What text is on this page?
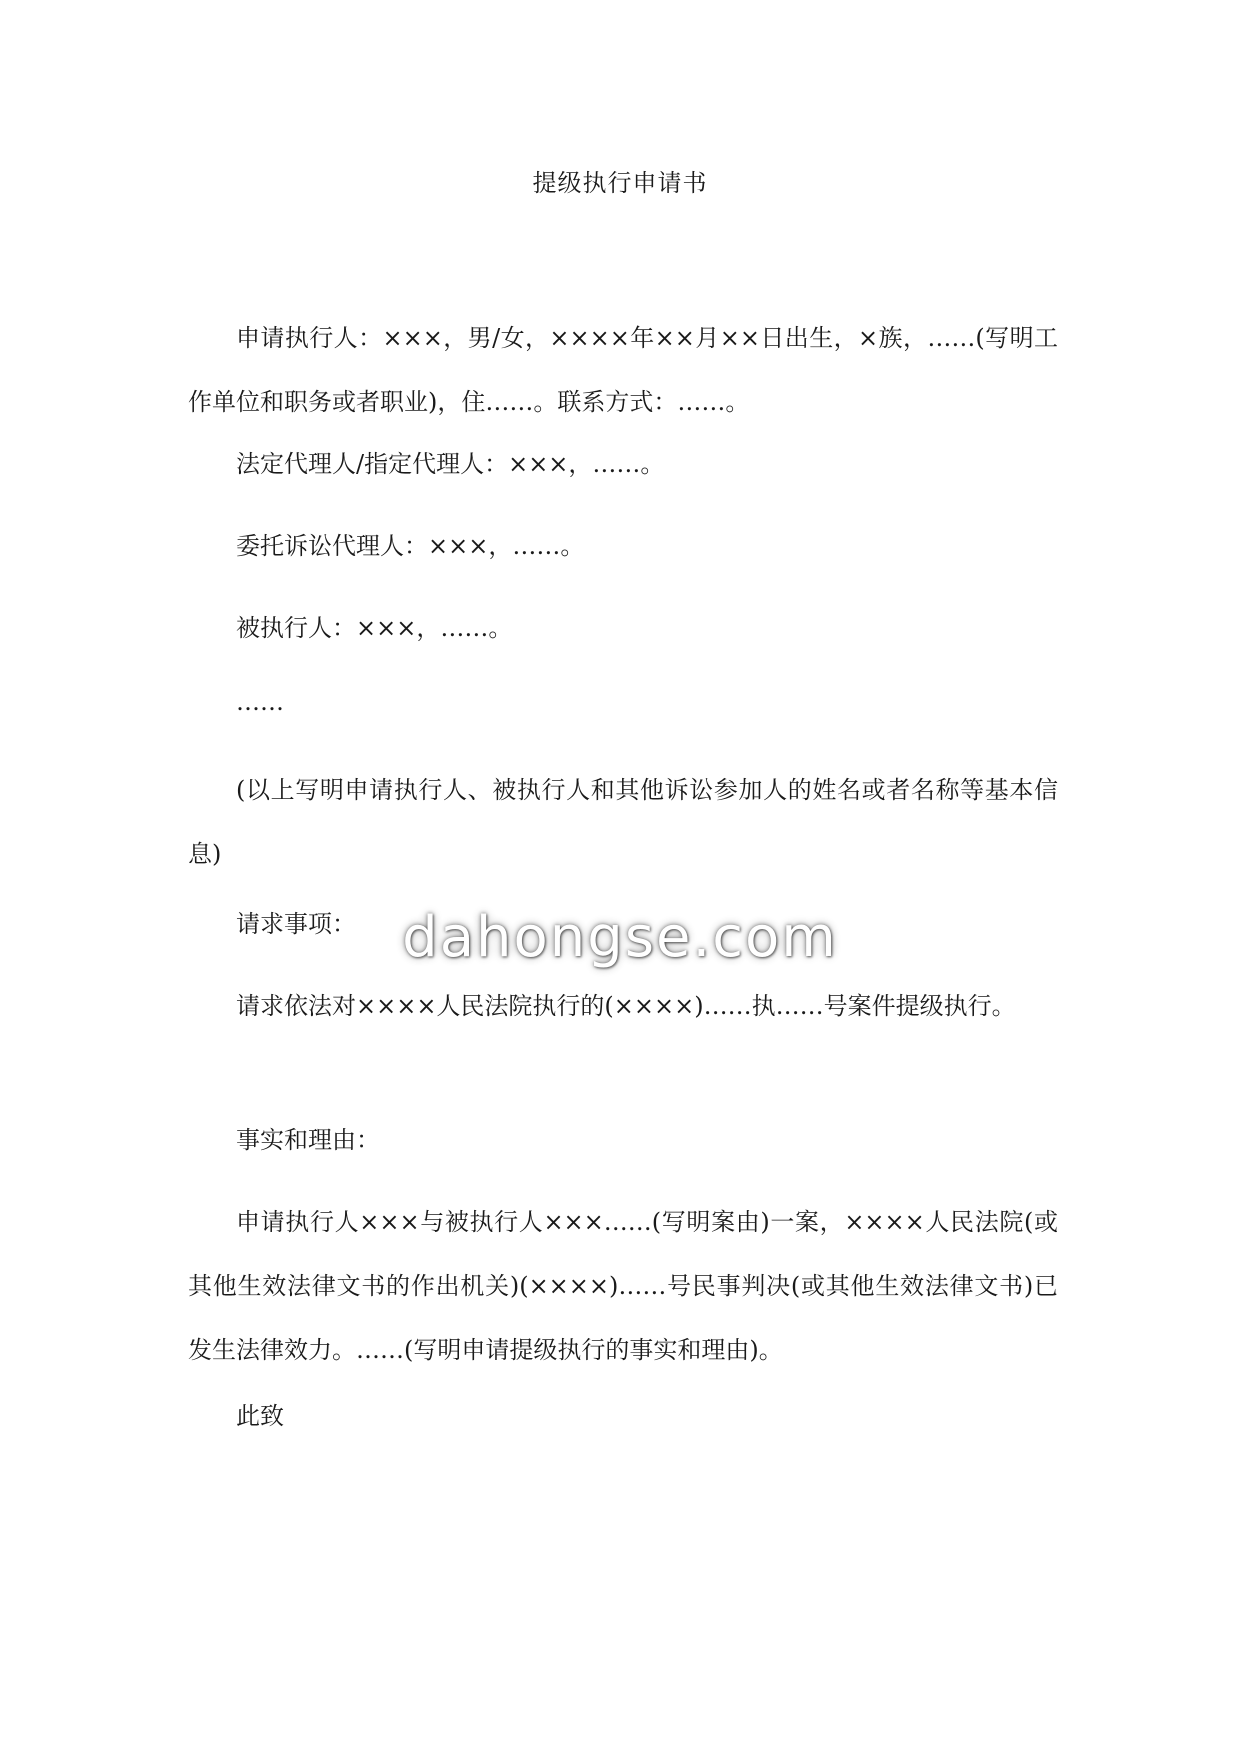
提级执行申请书

申请执行人：×××，男/女，××××年××月××日出生，×族，……(写明工作单位和职务或者职业)，住……。联系方式：……。

法定代理人/指定代理人：×××，……。

委托诉讼代理人：×××，……。

被执行人：×××，……。

……

(以上写明申请执行人、被执行人和其他诉讼参加人的姓名或者名称等基本信息)

请求事项：

请求依法对××××人民法院执行的(××××)……执……号案件提级执行。

事实和理由：

申请执行人×××与被执行人×××……(写明案由)一案，××××人民法院(或其他生效法律文书的作出机关)(××××)……号民事判决(或其他生效法律文书)已发生法律效力。……(写明申请提级执行的事实和理由)。

此致

dahongse.com
